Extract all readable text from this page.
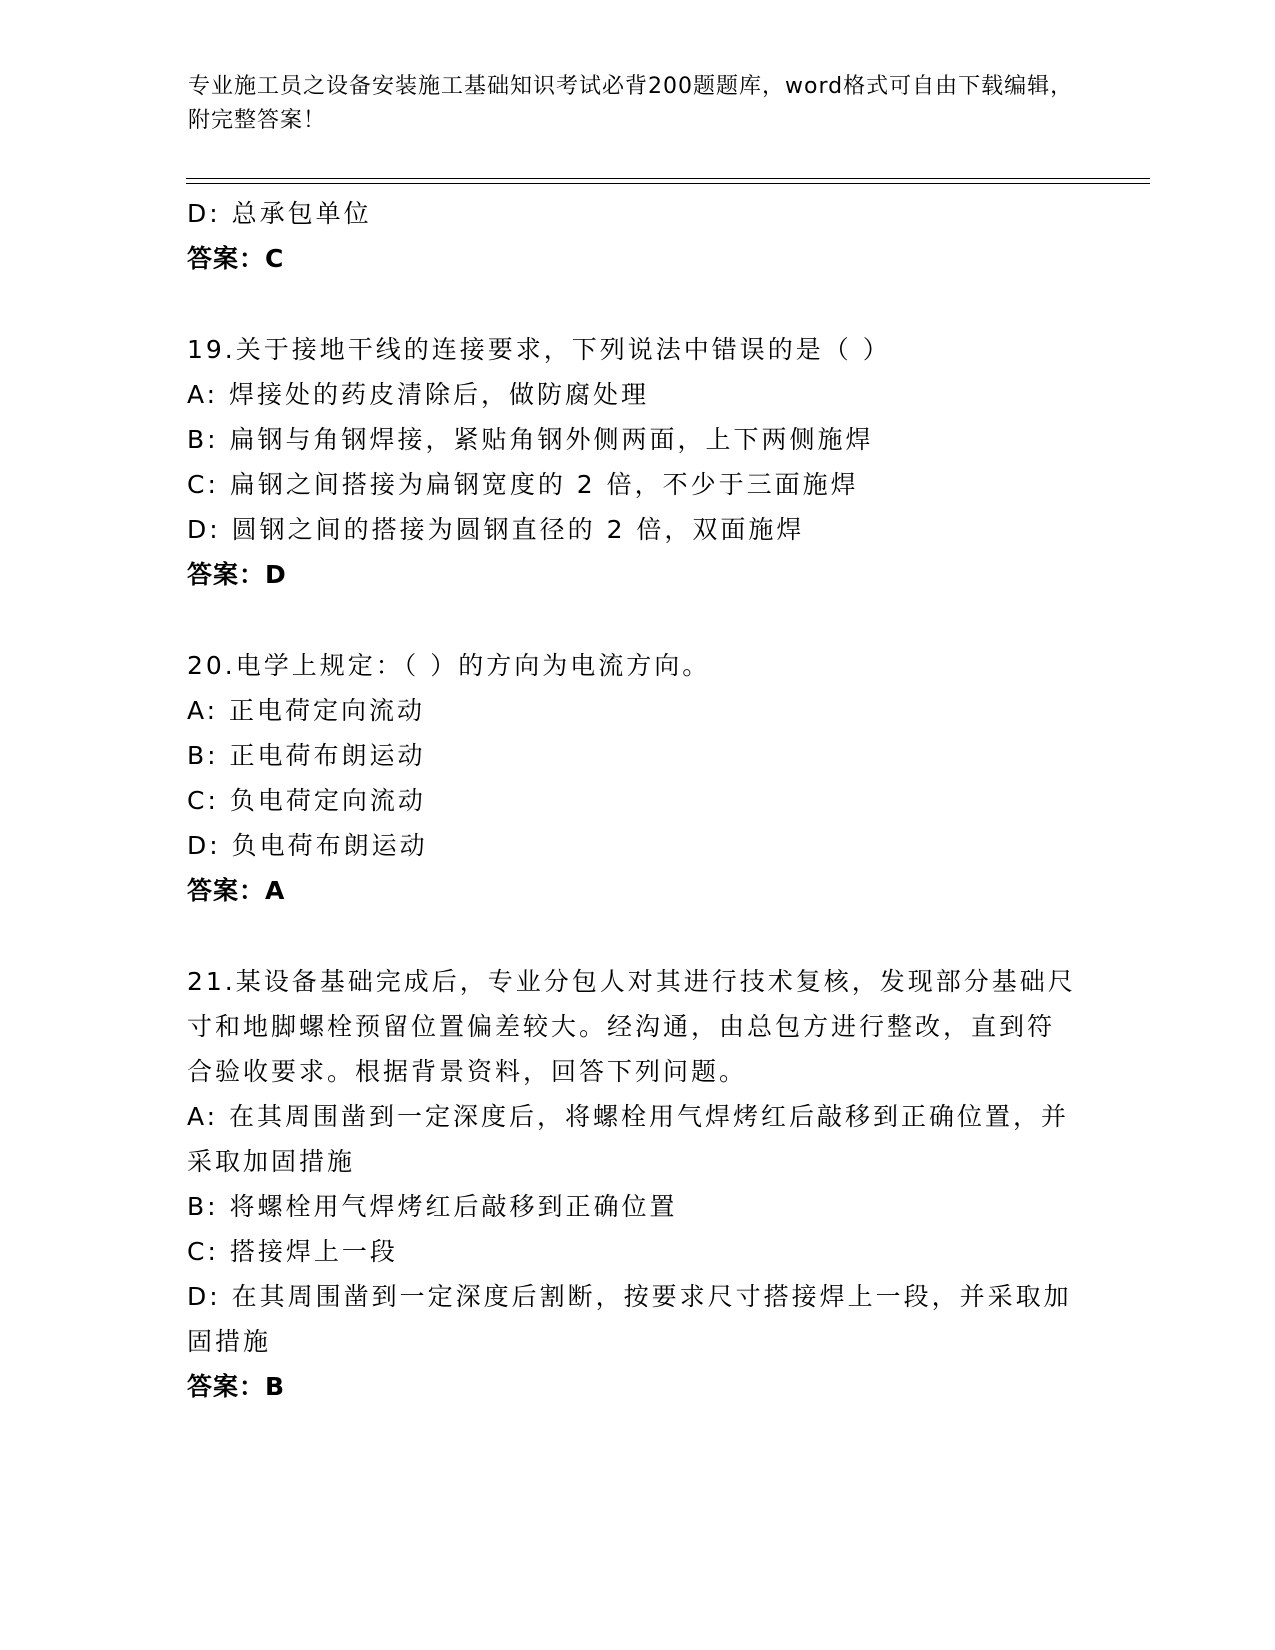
专业施工员之设备安装施工基础知识考试必背200题题库，word格式可自由下载编辑，附完整答案！
D: 总承包单位
答案：C
19.关于接地干线的连接要求，下列说法中错误的是（ ）
A: 焊接处的药皮清除后，做防腐处理
B: 扁钢与角钢焊接，紧贴角钢外侧两面，上下两侧施焊
C: 扁钢之间搭接为扁钢宽度的 2 倍，不少于三面施焊
D: 圆钢之间的搭接为圆钢直径的 2 倍，双面施焊
答案：D
20.电学上规定：（ ）的方向为电流方向。
A: 正电荷定向流动
B: 正电荷布朗运动
C: 负电荷定向流动
D: 负电荷布朗运动
答案：A
21.某设备基础完成后，专业分包人对其进行技术复核，发现部分基础尺寸和地脚螺栓预留位置偏差较大。经沟通，由总包方进行整改，直到符合验收要求。根据背景资料，回答下列问题。
A: 在其周围凿到一定深度后，将螺栓用气焊烤红后敲移到正确位置，并采取加固措施
B: 将螺栓用气焊烤红后敲移到正确位置
C: 搭接焊上一段
D: 在其周围凿到一定深度后割断，按要求尺寸搭接焊上一段，并采取加固措施
答案：B
